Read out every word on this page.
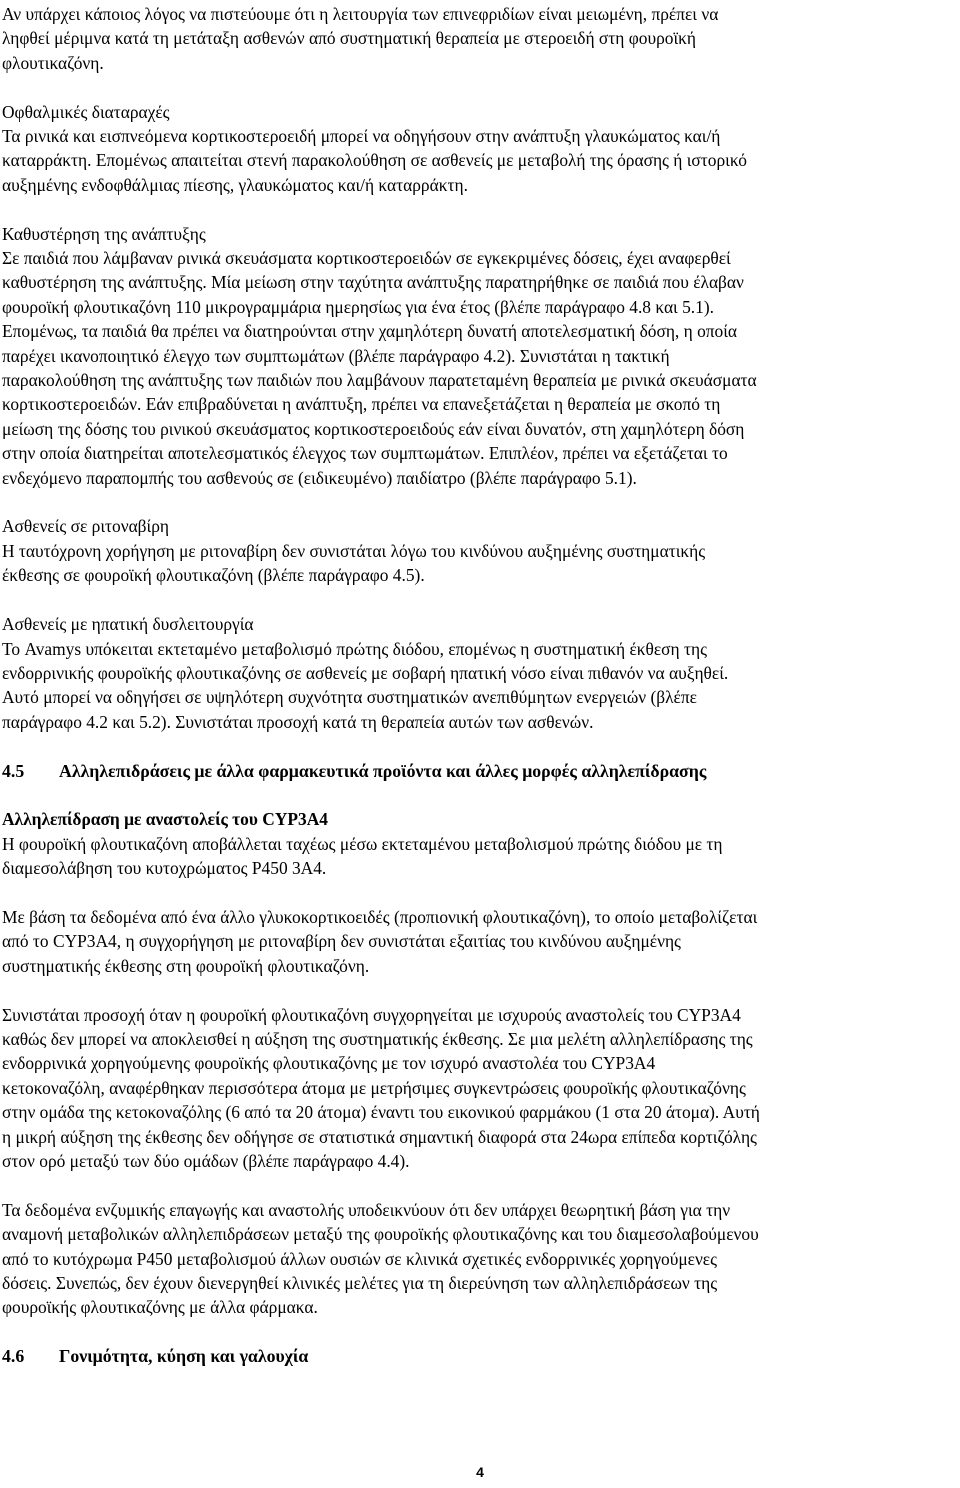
Αν υπάρχει κάποιος λόγος να πιστεύουμε ότι η λειτουργία των επινεφριδίων είναι μειωμένη, πρέπει να
ληφθεί μέριμνα κατά τη μετάταξη ασθενών από συστηματική θεραπεία με στεροειδή στη φουροϊκή
φλουτικαζόνη.
Οφθαλμικές διαταραχές
Τα ρινικά και εισπνεόμενα κορτικοστεροειδή μπορεί να οδηγήσουν στην ανάπτυξη γλαυκώματος και/ή
καταρράκτη. Επομένως απαιτείται στενή παρακολούθηση σε ασθενείς με μεταβολή της όρασης ή ιστορικό
αυξημένης ενδοφθάλμιας πίεσης, γλαυκώματος και/ή καταρράκτη.
Καθυστέρηση της ανάπτυξης
Σε παιδιά που λάμβαναν ρινικά σκευάσματα κορτικοστεροειδών σε εγκεκριμένες δόσεις, έχει αναφερθεί
καθυστέρηση της ανάπτυξης. Μία μείωση στην ταχύτητα ανάπτυξης παρατηρήθηκε σε παιδιά που έλαβαν
φουροϊκή φλουτικαζόνη 110 μικρογραμμάρια ημερησίως για ένα έτος (βλέπε παράγραφο 4.8 και 5.1).
Επομένως, τα παιδιά θα πρέπει να διατηρούνται στην χαμηλότερη δυνατή αποτελεσματική δόση, η οποία
παρέχει ικανοποιητικό έλεγχο των συμπτωμάτων (βλέπε παράγραφο 4.2). Συνιστάται η τακτική
παρακολούθηση της ανάπτυξης των παιδιών που λαμβάνουν παρατεταμένη θεραπεία με ρινικά σκευάσματα
κορτικοστεροειδών. Εάν επιβραδύνεται η ανάπτυξη, πρέπει να επανεξετάζεται η θεραπεία με σκοπό τη
μείωση της δόσης του ρινικού σκευάσματος κορτικοστεροειδούς εάν είναι δυνατόν, στη χαμηλότερη δόση
στην οποία διατηρείται αποτελεσματικός έλεγχος των συμπτωμάτων. Επιπλέον, πρέπει να εξετάζεται το
ενδεχόμενο παραπομπής του ασθενούς σε (ειδικευμένο) παιδίατρο (βλέπε παράγραφο 5.1).
Ασθενείς σε ριτοναβίρη
Η ταυτόχρονη χορήγηση με ριτοναβίρη δεν συνιστάται λόγω του κινδύνου αυξημένης συστηματικής
έκθεσης σε φουροϊκή φλουτικαζόνη (βλέπε παράγραφο 4.5).
Ασθενείς με ηπατική δυσλειτουργία
Το Avamys υπόκειται εκτεταμένο μεταβολισμό πρώτης διόδου, επομένως η συστηματική έκθεση της
ενδορρινικής φουροϊκής φλουτικαζόνης σε ασθενείς με σοβαρή ηπατική νόσο είναι πιθανόν να αυξηθεί.
Αυτό μπορεί να οδηγήσει σε υψηλότερη συχνότητα συστηματικών ανεπιθύμητων ενεργειών (βλέπε
παράγραφο 4.2 και 5.2). Συνιστάται προσοχή κατά τη θεραπεία αυτών των ασθενών.
4.5	Αλληλεπιδράσεις με άλλα φαρμακευτικά προϊόντα και άλλες μορφές αλληλεπίδρασης
Αλληλεπίδραση με αναστολείς του CYP3A4
Η φουροϊκή φλουτικαζόνη αποβάλλεται ταχέως μέσω εκτεταμένου μεταβολισμού πρώτης διόδου με τη
διαμεσολάβηση του κυτοχρώματος P450 3A4.
Με βάση τα δεδομένα από ένα άλλο γλυκοκορτικοειδές (προπιονική φλουτικαζόνη), το οποίο μεταβολίζεται
από το CYP3A4, η συγχορήγηση με ριτοναβίρη δεν συνιστάται εξαιτίας του κινδύνου αυξημένης
συστηματικής έκθεσης στη φουροϊκή φλουτικαζόνη.
Συνιστάται προσοχή όταν η φουροϊκή φλουτικαζόνη συγχορηγείται με ισχυρούς αναστολείς του CYP3A4
καθώς δεν μπορεί να αποκλεισθεί η αύξηση της συστηματικής έκθεσης. Σε μια μελέτη αλληλεπίδρασης της
ενδορρινικά χορηγούμενης φουροϊκής φλουτικαζόνης με τον ισχυρό αναστολέα του CYP3A4
κετοκοναζόλη, αναφέρθηκαν περισσότερα άτομα με μετρήσιμες συγκεντρώσεις φουροϊκής φλουτικαζόνης
στην ομάδα της κετοκοναζόλης (6 από τα 20 άτομα) έναντι του εικονικού φαρμάκου (1 στα 20 άτομα). Αυτή
η μικρή αύξηση της έκθεσης δεν οδήγησε σε στατιστικά σημαντική διαφορά στα 24ωρα επίπεδα κορτιζόλης
στον ορό μεταξύ των δύο ομάδων (βλέπε παράγραφο 4.4).
Τα δεδομένα ενζυμικής επαγωγής και αναστολής υποδεικνύουν ότι δεν υπάρχει θεωρητική βάση για την
αναμονή μεταβολικών αλληλεπιδράσεων μεταξύ της φουροϊκής φλουτικαζόνης και του διαμεσολαβούμενου
από το κυτόχρωμα P450 μεταβολισμού άλλων ουσιών σε κλινικά σχετικές ενδορρινικές χορηγούμενες
δόσεις. Συνεπώς, δεν έχουν διενεργηθεί κλινικές μελέτες για τη διερεύνηση των αλληλεπιδράσεων της
φουροϊκής φλουτικαζόνης με άλλα φάρμακα.
4.6	Γονιμότητα, κύηση και γαλουχία
4
